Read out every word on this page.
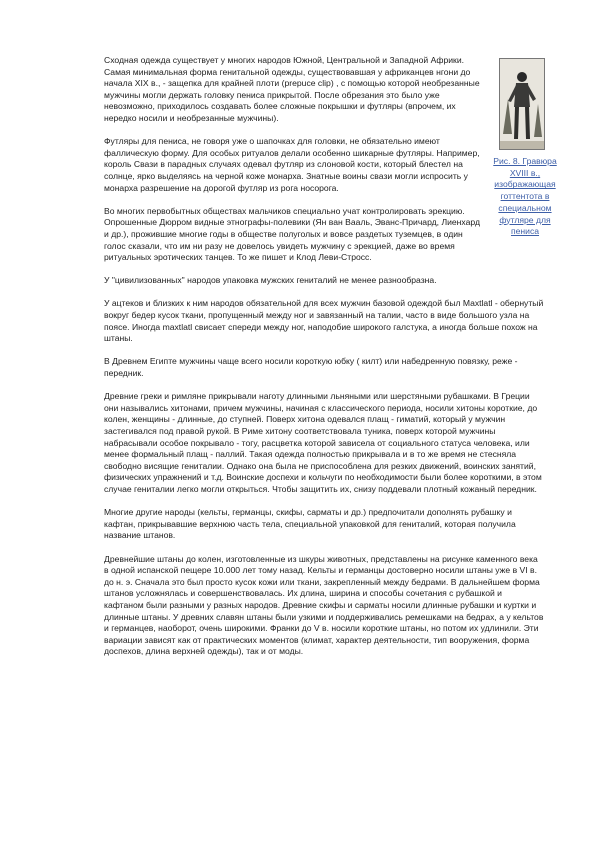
Сходная одежда существует у многих народов Южной, Центральной и Западной Африки. Самая минимальная форма генитальной одежды, существовавшая у африканцев нгони до начала XIX в., - защепка для крайней плоти (prepuce clip) , с помощью которой необрезанные мужчины могли держать головку пениса прикрытой. После обрезания это было уже невозможно, приходилось создавать более сложные покрышки и футляры (впрочем, их нередко носили и необрезанные мужчины).

Футляры для пениса, не говоря уже о шапочках для головки, не обязательно имеют фаллическую форму. Для особых ритуалов делали особенно шикарные футляры. Например, король Свази в парадных случаях одевал футляр из слоновой кости, который блестел на солнце, ярко выделяясь на черной коже монарха. Знатные воины свази могли испросить у монарха разрешение на дорогой футляр из рога носорога.

Во многих первобытных обществах мальчиков специально учат контролировать эрекцию. Опрошенные Дюрром видные этнографы-полевики (Ян ван Вааль, Эванс-Причард, Лиенхард и др.), прожившие многие годы в обществе полуголых и вовсе раздетых туземцев, в один голос сказали, что им ни разу не довелось увидеть мужчину с эрекцией, даже во время ритуальных эротических танцев. То же пишет и Клод Леви-Стросс.

У "цивилизованных" народов упаковка мужских гениталий не менее разнообразна.

У ацтеков и близких к ним народов обязательной для всех мужчин базовой одеждой был Maxtlatl - обернутый вокруг бедер кусок ткани, пропущенный между ног и завязанный на талии, часто в виде большого узла на поясе. Иногда maxtlatl свисает спереди между ног, наподобие широкого галстука, а иногда больше похож на штаны.

В Древнем Египте мужчины чаще всего носили короткую юбку ( килт) или набедренную повязку, реже - передник.

Древние греки и римляне прикрывали наготу длинными льняными или шерстяными рубашками. В Греции они назывались хитонами, причем мужчины, начиная с классического периода, носили хитоны короткие, до колен, женщины - длинные, до ступней. Поверх хитона одевался плащ - гиматий, который у мужчин застегивался под правой рукой. В Риме хитону соответствовала туника, поверх которой мужчины набрасывали особое покрывало - тогу, расцветка которой зависела от социального статуса человека, или менее формальный плащ - паллий. Такая одежда полностью прикрывала и в то же время не стесняла свободно висящие гениталии. Однако она была не приспособлена для резких движений, воинских занятий, физических упражнений и т.д. Воинские доспехи и кольчуги по необходимости были более короткими, в этом случае гениталии легко могли открыться. Чтобы защитить их, снизу поддевали плотный кожаный передник.

Многие другие народы (кельты, германцы, скифы, сарматы и др.) предпочитали дополнять рубашку и кафтан, прикрывавшие верхнюю часть тела, специальной упаковкой для гениталий, которая получила название штанов.

Древнейшие штаны до колен, изготовленные из шкуры животных, представлены на рисунке каменного века в одной испанской пещере 10.000 лет тому назад. Кельты и германцы достоверно носили штаны уже в VI в. до н. э. Сначала это был просто кусок кожи или ткани, закрепленный между бедрами. В дальнейшем форма штанов усложнялась и совершенствовалась. Их длина, ширина и способы сочетания с рубашкой и кафтаном были разными у разных народов. Древние скифы и сарматы носили длинные рубашки и куртки и длинные штаны. У древних славян штаны были узкими и поддерживались ремешками на бедрах, а у кельтов и германцев, наоборот, очень широкими. Франки до V в. носили короткие штаны, но потом их удлинили. Эти вариации зависят как от практических моментов (климат, характер деятельности, тип вооружения, форма доспехов, длина верхней одежды), так и от моды.

Рис. 8. Гравюра XVIII в., изображающая готтентота в специальном футляре для пениса
